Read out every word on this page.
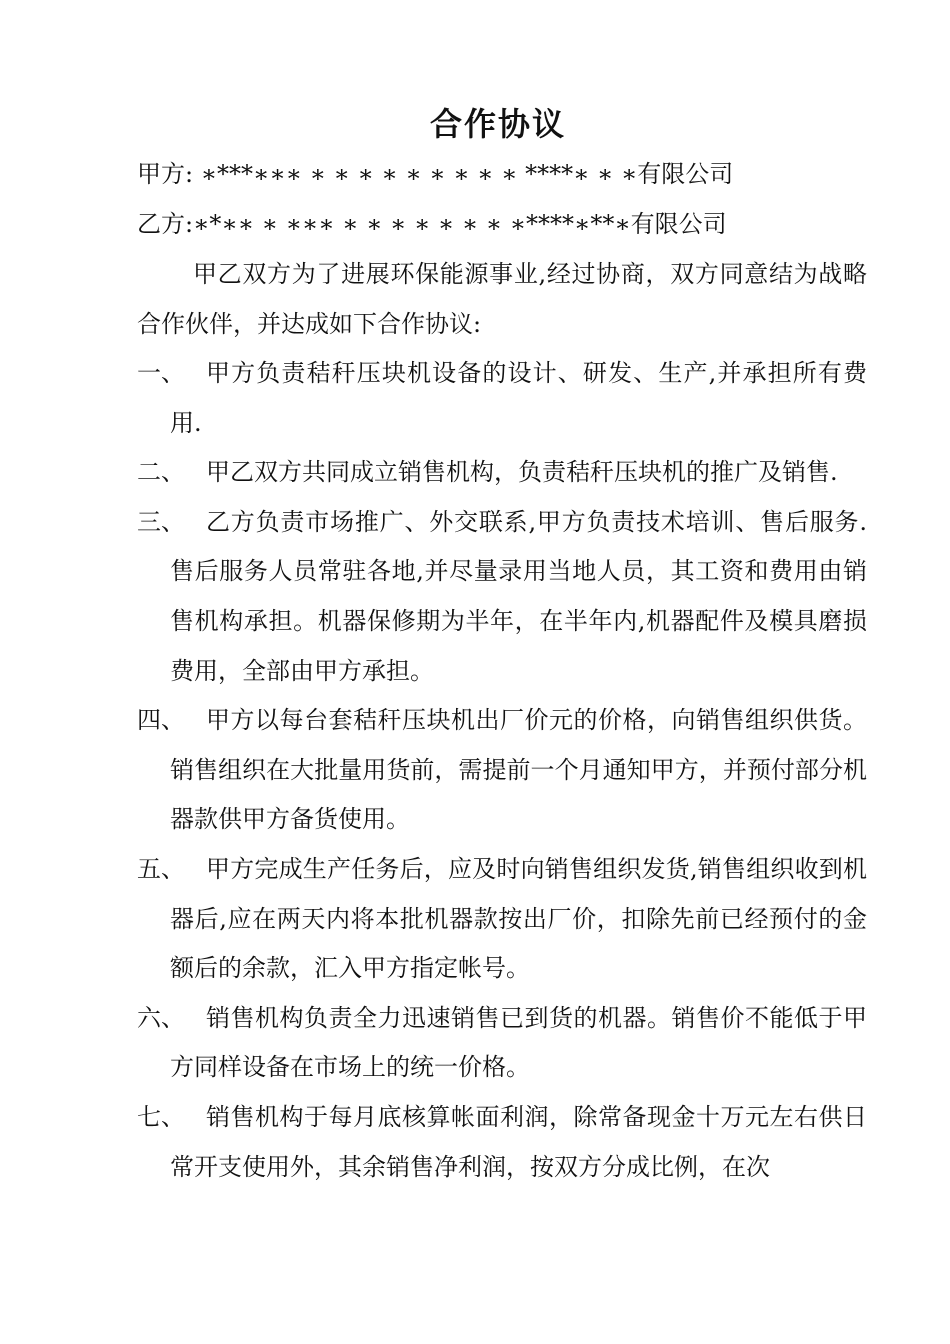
合作协议
甲方: ∗***∗∗∗ ∗ ∗ ∗ ∗ ∗ ∗ ∗ ∗ ∗ ****∗ ∗ ∗有限公司
乙方:∗*∗∗ ∗ ∗∗∗ ∗ ∗ ∗ ∗ ∗ ∗ ∗ ∗****∗**∗有限公司
甲乙双方为了进展环保能源事业,经过协商，双方同意结为战略合作伙伴，并达成如下合作协议:
一、 甲方负责秸秆压块机设备的设计、研发、生产,并承担所有费用.
二、 甲乙双方共同成立销售机构，负责秸秆压块机的推广及销售.
三、 乙方负责市场推广、外交联系,甲方负责技术培训、售后服务.售后服务人员常驻各地,并尽量录用当地人员，其工资和费用由销售机构承担。机器保修期为半年，在半年内,机器配件及模具磨损费用，全部由甲方承担。
四、 甲方以每台套秸秆压块机出厂价元的价格，向销售组织供货。销售组织在大批量用货前，需提前一个月通知甲方，并预付部分机器款供甲方备货使用。
五、 甲方完成生产任务后，应及时向销售组织发货,销售组织收到机器后,应在两天内将本批机器款按出厂价，扣除先前已经预付的金额后的余款，汇入甲方指定帐号。
六、 销售机构负责全力迅速销售已到货的机器。销售价不能低于甲方同样设备在市场上的统一价格。
七、 销售机构于每月底核算帐面利润，除常备现金十万元左右供日常开支使用外，其余销售净利润，按双方分成比例，在次
